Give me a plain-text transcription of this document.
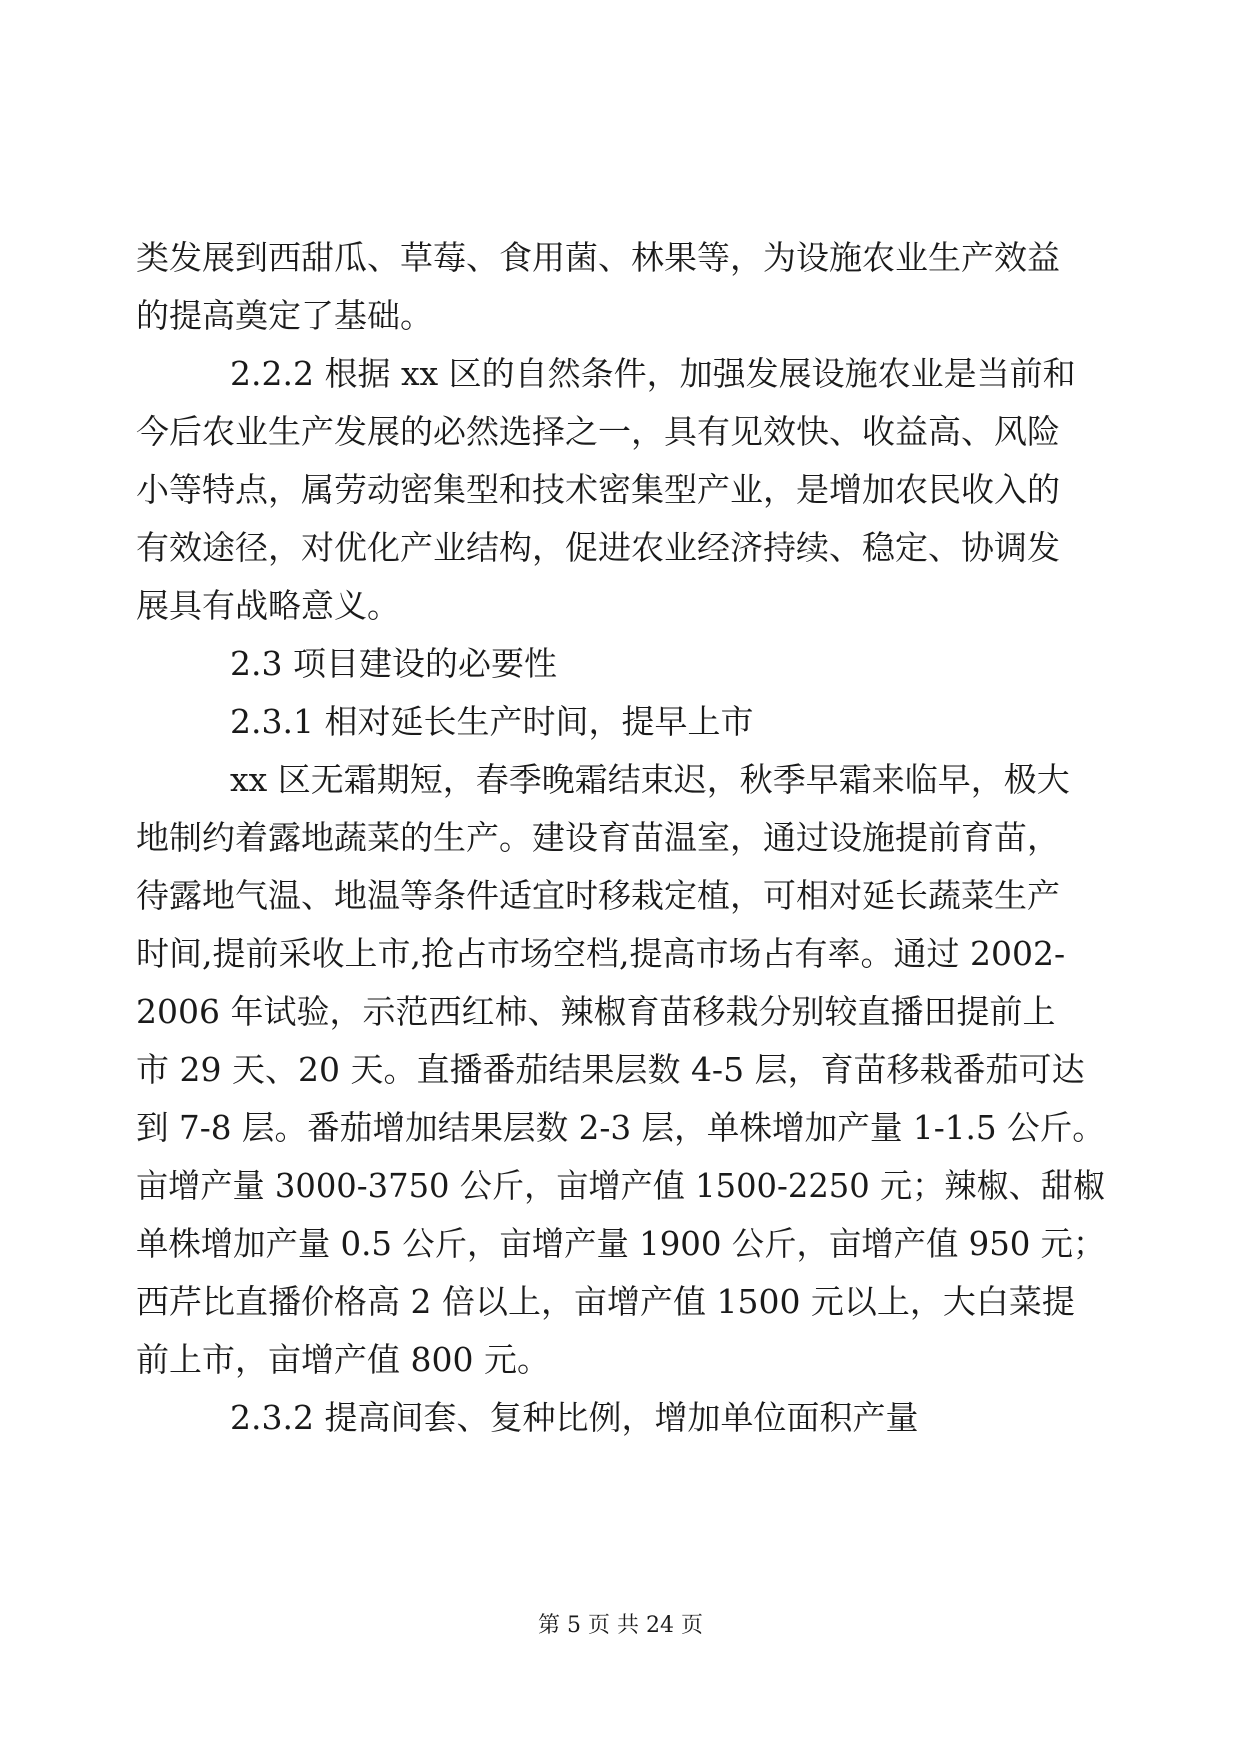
类发展到西甜瓜、草莓、食用菌、林果等，为设施农业生产效益
的提高奠定了基础。
2.2.2 根据 xx 区的自然条件，加强发展设施农业是当前和
今后农业生产发展的必然选择之一，具有见效快、收益高、风险
小等特点，属劳动密集型和技术密集型产业，是增加农民收入的
有效途径，对优化产业结构，促进农业经济持续、稳定、协调发
展具有战略意义。
2.3 项目建设的必要性
2.3.1 相对延长生产时间，提早上市
xx 区无霜期短，春季晚霜结束迟，秋季早霜来临早，极大
地制约着露地蔬菜的生产。建设育苗温室，通过设施提前育苗，
待露地气温、地温等条件适宜时移栽定植，可相对延长蔬菜生产
时间,提前采收上市,抢占市场空档,提高市场占有率。通过 2002-
2006 年试验，示范西红柿、辣椒育苗移栽分别较直播田提前上
市 29 天、20 天。直播番茄结果层数 4-5 层，育苗移栽番茄可达
到 7-8 层。番茄增加结果层数 2-3 层，单株增加产量 1-1.5 公斤。
亩增产量 3000-3750 公斤，亩增产值 1500-2250 元；辣椒、甜椒
单株增加产量 0.5 公斤，亩增产量 1900 公斤，亩增产值 950 元；
西芹比直播价格高 2 倍以上，亩增产值 1500 元以上，大白菜提
前上市，亩增产值 800 元。
2.3.2 提高间套、复种比例，增加单位面积产量
第 5 页 共 24 页
